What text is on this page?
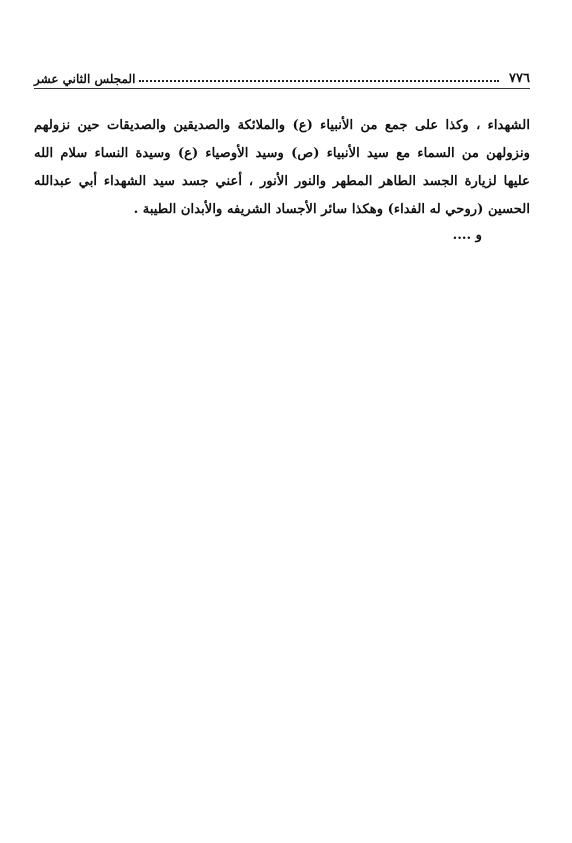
٧٧٦
المجلس الثاني عشر
الشهداء ، وكذا على جمع من الأنبياء (ع) والملائكة والصديقين والصديقات حين نزولهم
ونزولهن من السماء مع سيد الأنبياء (ص) وسيد الأوصياء (ع) وسيدة النساء سلام الله
عليها لزيارة الجسد الطاهر المطهر والنور الأنور ، أعني جسد سيد الشهداء أبي عبدالله
الحسين (روحي له الفداء) وهكذا سائر الأجساد الشريفه والأبدان الطيبة .
و ....
